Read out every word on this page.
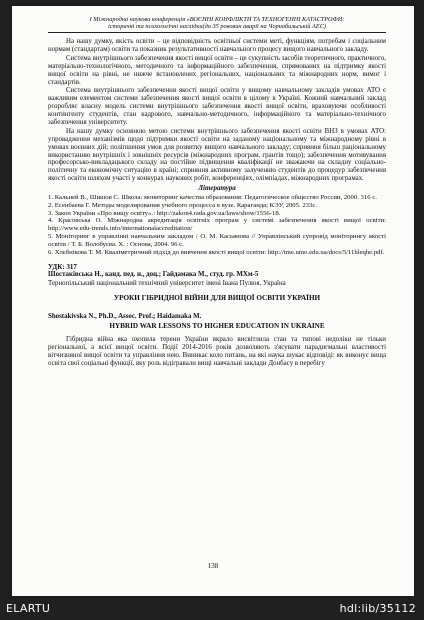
І Міжнародна наукова конференція «ВОЄННІ КОНФЛІКТИ ТА ТЕХНОГЕННІ КАТАСТРОФИ:
історичні та психологічні наслідки(до 35 роковин аварії на Чорнобильській АЕС)

На нашу думку, якість освіти – це відповідність освітньої системи меті, функціям, потребам і соціальним нормам (стандартам) освіти та показник результативності навчального процесу вищого навчального закладу.

Система внутрішнього забезпечення якості вищої освіти – це сукупність засобів теоретичного, практичного, матеріально-технологічного, методичного та інформаційного забезпечення, спрямованих на підтримку якості вищої освіти на рівні, не нижче встановлених регіональних, національних та міжнародних норм, вимог і стандартів.

Система внутрішнього забезпечення якості вищої освіти у вищому навчальному закладів умовах АТО є важливим елементом системи забезпечення якості вищої освіти в цілому в Україні. Кожний навчальний заклад розробляє власну модель системи внутрішнього забезпечення якості вищої освіти, враховуючи особливості контингенту студентів, стан кадрового, навчально-методичного, інформаційного та матеріально-технічного забезпечення університету.

На нашу думку основною метою системи внутрішнього забезпечення якості освіти ВНЗ в умовах АТО: упровадження механізмів щодо підтримки якості освіти на заданому національному та міжнародному рівні в умовах воєнних дій; поліпшення умов для розвитку вищого навчального закладу; сприяння більш раціональному використанню внутрішніх і зовнішніх ресурсів (міжнародних програм, грантів тощо); забезпечення мотивування професорсько-викладацького складу на постійне підвищення кваліфікації не зважаючи на складну соціально-політичну та економічну ситуацію в країні; сприяння активному залученню студентів до процедур забезпечення якості освіти шляхом участі у конкурах наукових робіт, конференціях, олімпіадах, міжнародних програмах.

Література
1. Кальней В., Шишов С. Школа: мониторинг качества образования: Педагогическое общество России, 2000. 316 с.
2. Есенбаева Г. Методы моделирования учебного процесса в вузе. Караганда; КЭУ, 2005. 233с.
3. Закон України «Про вищу освіту».: http://zakon4.rada.gov.ua/laws/show/1556-18.
4. Красовська О. Міжнародна акредитація освітніх програм у системі забезпечення якості вищої освіти: http://www.edu-trends.info/internationalaccreditation/
5. Моніторинг в управлінні навчальним закладом / О. М. Касьянова // Управлінський супровід моніторингу якості освіти / Т. Б. Волобуєва. Х. : Основа, 2004. 96 с.
6. Хлєбнікова Т. М. Кваліметричний підхід до вивчення якості вищої освіти: http://tme.umo.edu.ua/docs/5/11hleqhe.pdf.
УДК: 317
Шостаківська Н., канд. пед. н., доц.; Гайдамака М., студ. гр. МХм-5
Тернопільський національний технічний університет імені Івана Пулюя, Україна
УРОКИ ГІБРИДНОЇ ВІЙНИ ДЛЯ ВИЩОЇ ОСВІТИ УКРАЇНИ
Shostakivska N., Ph.D., Assoc. Prof.; Haidamaka M.
HYBRID WAR LESSONS TO HIGHER EDUCATION IN UKRAINE

Гібридна війна яка охопила терени України вкрало висвітлила стан та типові недоліки не тільки регіональної, а всієї вищої освіти. Події 2014-2016 років дозволяють з'ясувати парадигмальні властивості вітчизняної вищої освіти та управління нею. Виникає коло питань, на які наука шукає відповіді: як виконує вища освіта свої соціальні функції, яку роль відігравали вищі навчальні заклади Донбасу в перебігу

138
ELARTU	hdl:lib/35112
